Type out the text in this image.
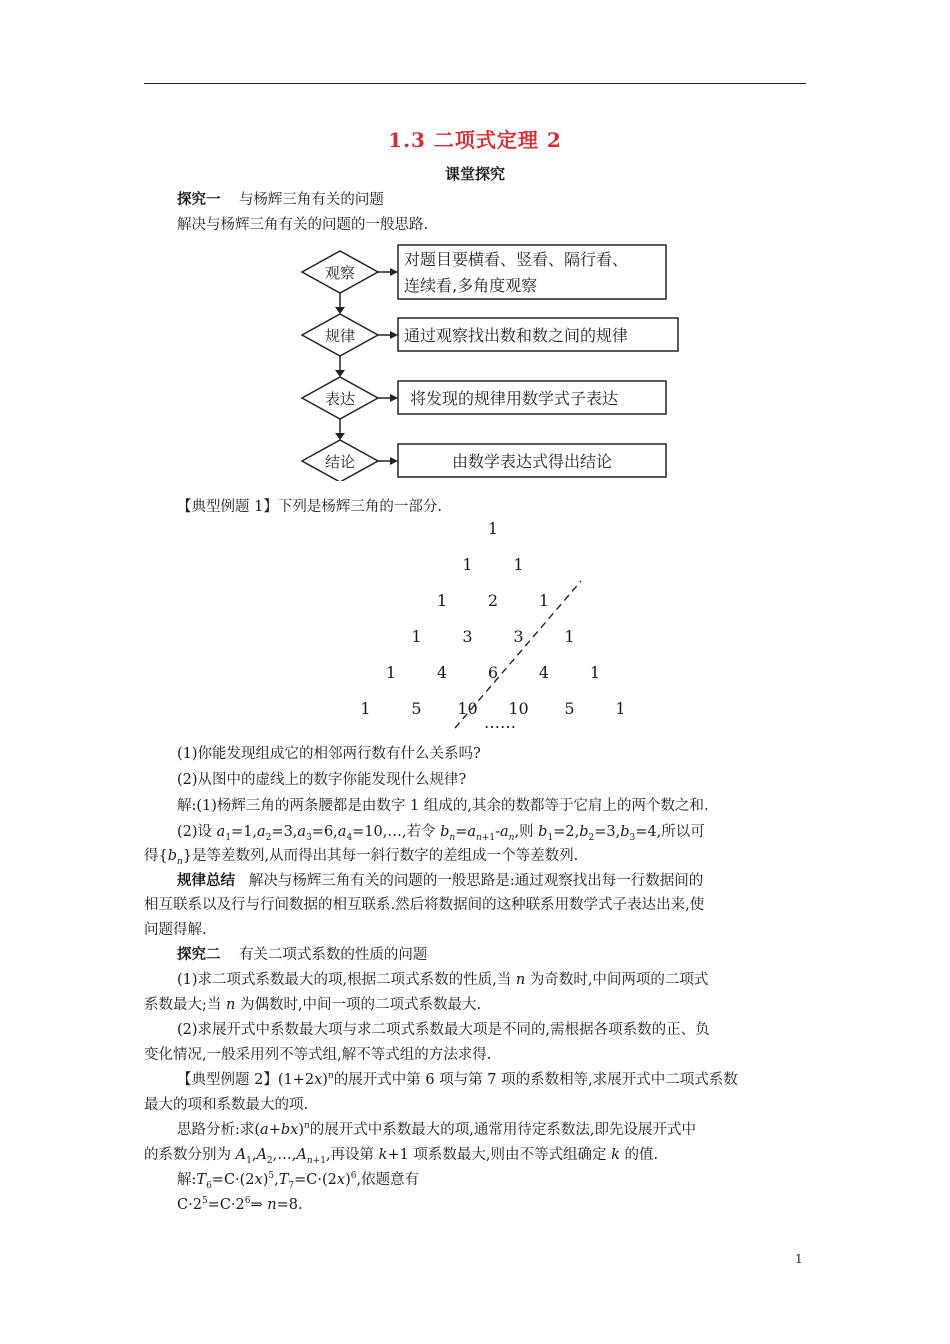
1.3 二项式定理 2
课堂探究
探究一 与杨辉三角有关的问题
解决与杨辉三角有关的问题的一般思路.
观察
规律
表达
结论
对题目要横看、竖看、隔行看、
连续看,多角度观察
通过观察找出数和数之间的规律
将发现的规律用数学式子表达
由数学表达式得出结论
【典型例题 1】下列是杨辉三角的一部分.
……
1
1	1
1	2	1
1	3	3	1
1	4	6	4	1
1	5 10 10 5	1
(1)你能发现组成它的相邻两行数有什么关系吗?
(2)从图中的虚线上的数字你能发现什么规律?
解:(1)杨辉三角的两条腰都是由数字 1 组成的,其余的数都等于它肩上的两个数之和.
(2)设 $a_1=1,a_2=3,a_3=6,a_4=10,\dots$,若令 $b_n=a_{n+1}-a_n$,则 $b_1=2,b_2=3,b_3=4$,所以可
得$\{b_n\}$是等差数列,从而得出其每一斜行数字的差组成一个等差数列.
规律总结 解决与杨辉三角有关的问题的一般思路是:通过观察找出每一行数据间的
相互联系以及行与行间数据的相互联系.然后将数据间的这种联系用数学式子表达出来,使
问题得解.
探究二 有关二项式系数的性质的问题
(1)求二项式系数最大的项,根据二项式系数的性质,当 n 为奇数时,中间两项的二项式
系数最大;当 n 为偶数时,中间一项的二项式系数最大.
(2)求展开式中系数最大项与求二项式系数最大项是不同的,需根据各项系数的正、负
变化情况,一般采用列不等式组,解不等式组的方法求得.
【典型例题 2】$(1+2x)^n$的展开式中第 6 项与第 7 项的系数相等,求展开式中二项式系数
最大的项和系数最大的项.
思路分析:求$(a+bx)^n$的展开式中系数最大的项,通常用待定系数法,即先设展开式中
的系数分别为 $A_1,A_2,\dots,A_{n+1}$,再设第 k+1 项系数最大,则由不等式组确定 k 的值.
解$:T_6=C\cdot(2x)^5,T_7=C\cdot(2x)^6$,依题意有
$C\cdot 2^5=C\cdot 2^6\Rightarrow$ n=8.
1
